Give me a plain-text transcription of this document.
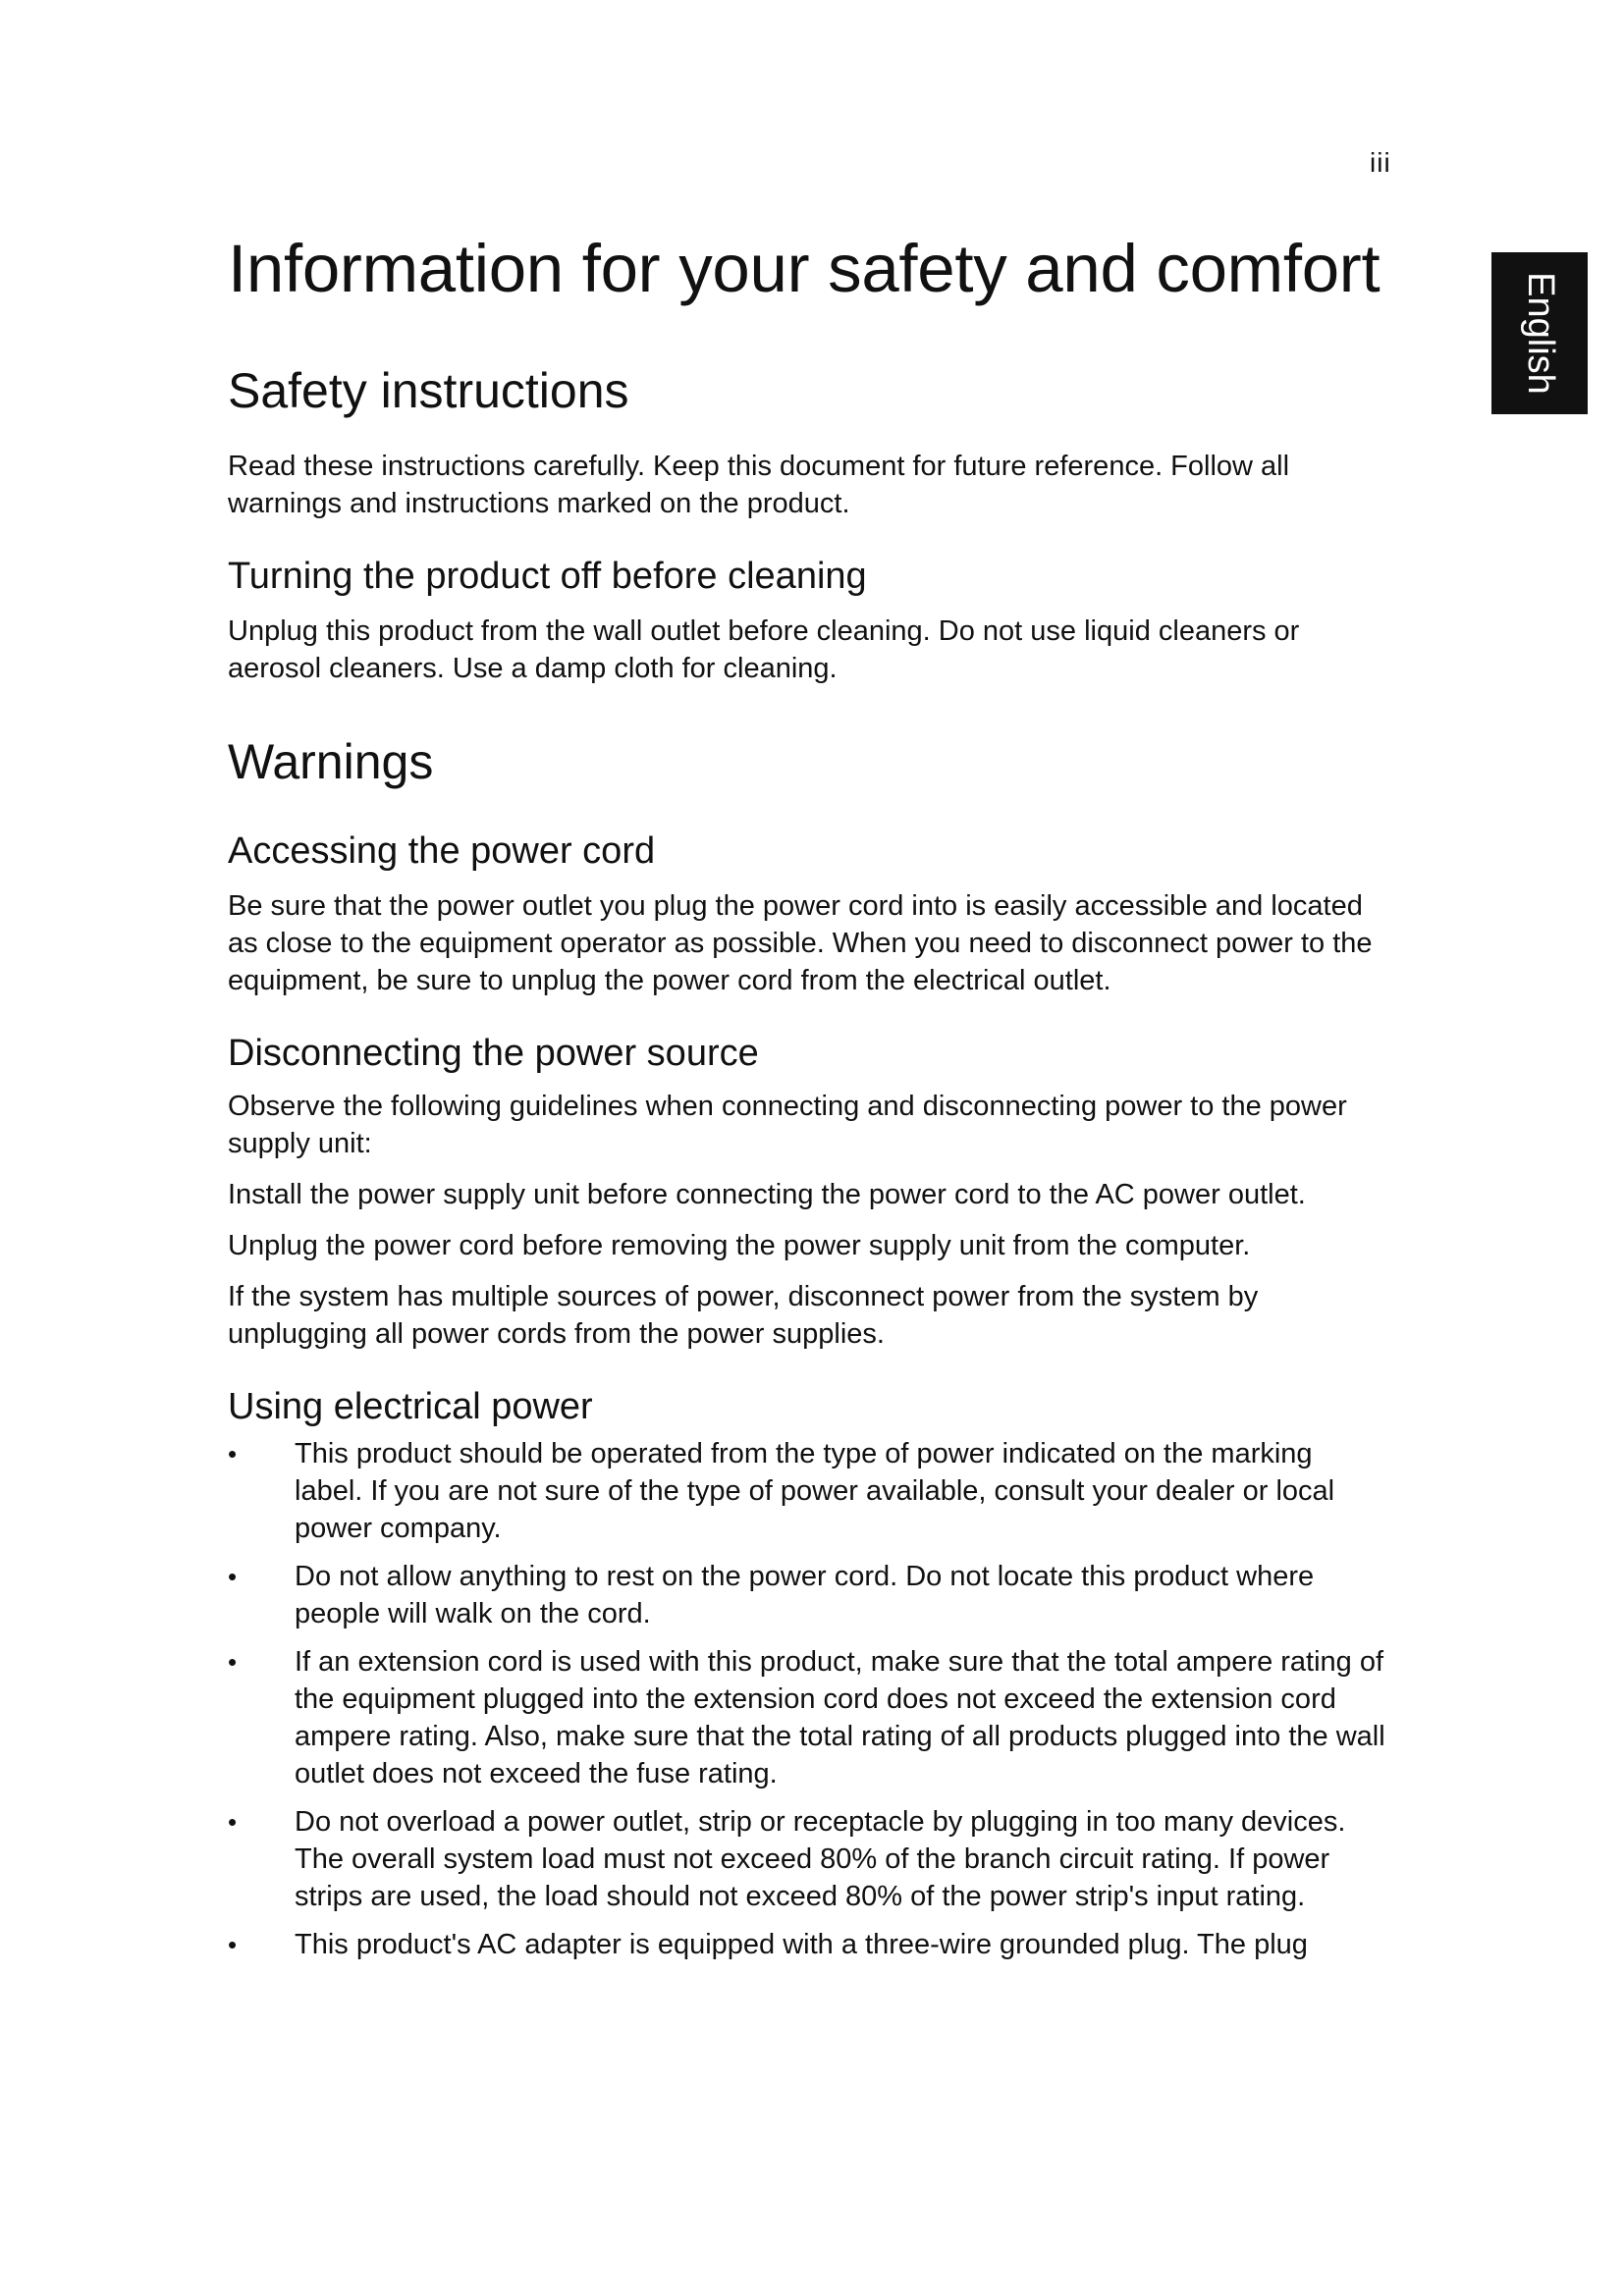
iii
English
Information for your safety and comfort
Safety instructions

Read these instructions carefully. Keep this document for future reference. Follow all warnings and instructions marked on the product.

Turning the product off before cleaning

Unplug this product from the wall outlet before cleaning. Do not use liquid cleaners or aerosol cleaners. Use a damp cloth for cleaning.

Warnings
Accessing the power cord

Be sure that the power outlet you plug the power cord into is easily accessible and located as close to the equipment operator as possible. When you need to disconnect power to the equipment, be sure to unplug the power cord from the electrical outlet.

Disconnecting the power source

Observe the following guidelines when connecting and disconnecting power to the power supply unit:

Install the power supply unit before connecting the power cord to the AC power outlet.

Unplug the power cord before removing the power supply unit from the computer.

If the system has multiple sources of power, disconnect power from the system by unplugging all power cords from the power supplies.

Using electrical power
• This product should be operated from the type of power indicated on the marking label. If you are not sure of the type of power available, consult your dealer or local power company.
• Do not allow anything to rest on the power cord. Do not locate this product where people will walk on the cord.
• If an extension cord is used with this product, make sure that the total ampere rating of the equipment plugged into the extension cord does not exceed the extension cord ampere rating. Also, make sure that the total rating of all products plugged into the wall outlet does not exceed the fuse rating.
• Do not overload a power outlet, strip or receptacle by plugging in too many devices. The overall system load must not exceed 80% of the branch circuit rating. If power strips are used, the load should not exceed 80% of the power strip's input rating.
• This product's AC adapter is equipped with a three-wire grounded plug. The plug
